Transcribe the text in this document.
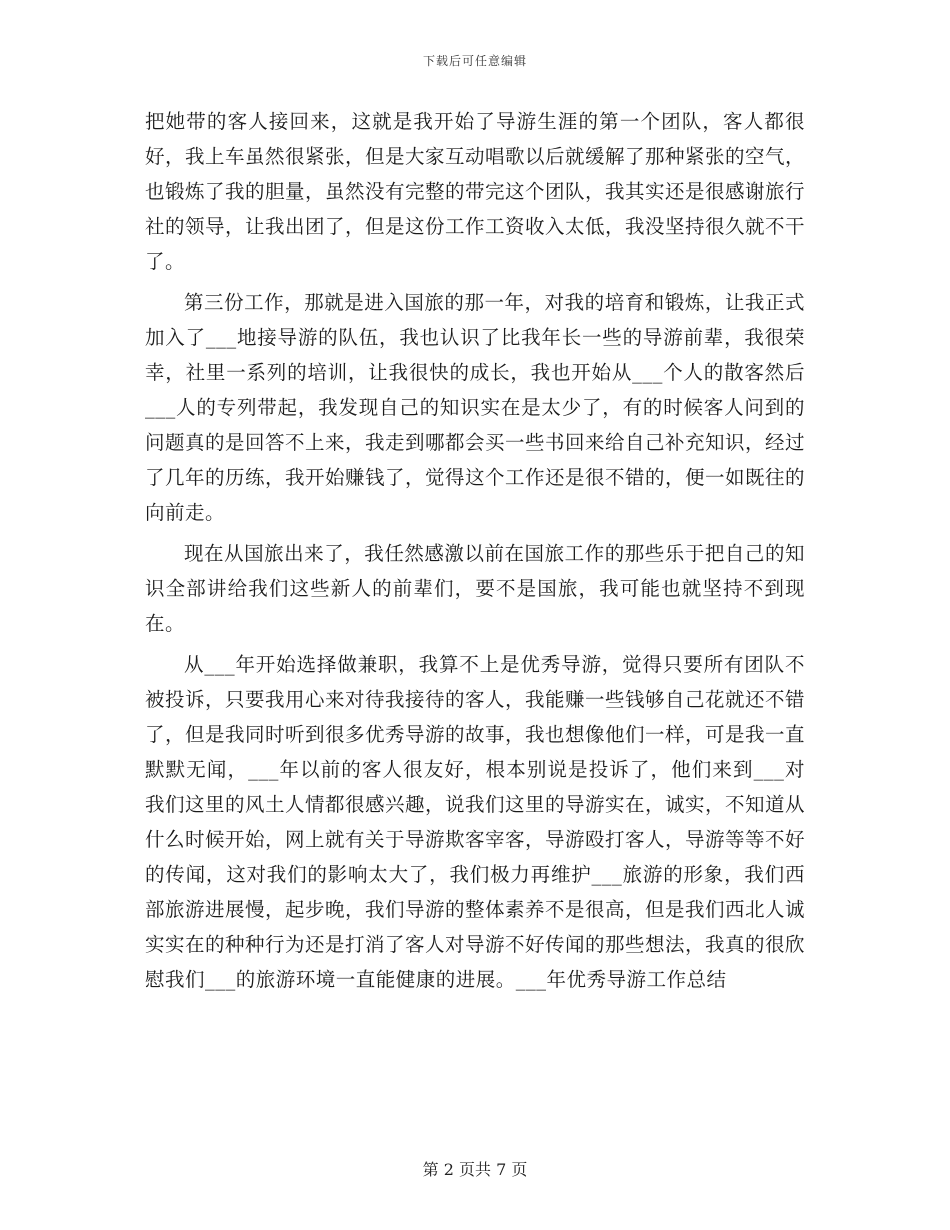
下载后可任意编辑

把她带的客人接回来，这就是我开始了导游生涯的第一个团队，客人都很好，我上车虽然很紧张，但是大家互动唱歌以后就缓解了那种紧张的空气，也锻炼了我的胆量，虽然没有完整的带完这个团队，我其实还是很感谢旅行社的领导，让我出团了，但是这份工作工资收入太低，我没坚持很久就不干了。

第三份工作，那就是进入国旅的那一年，对我的培育和锻炼，让我正式加入了___地接导游的队伍，我也认识了比我年长一些的导游前辈，我很荣幸，社里一系列的培训，让我很快的成长，我也开始从___个人的散客然后___人的专列带起，我发现自己的知识实在是太少了，有的时候客人问到的问题真的是回答不上来，我走到哪都会买一些书回来给自己补充知识，经过了几年的历练，我开始赚钱了，觉得这个工作还是很不错的，便一如既往的向前走。

现在从国旅出来了，我任然感激以前在国旅工作的那些乐于把自己的知识全部讲给我们这些新人的前辈们，要不是国旅，我可能也就坚持不到现在。

从___年开始选择做兼职，我算不上是优秀导游，觉得只要所有团队不被投诉，只要我用心来对待我接待的客人，我能赚一些钱够自己花就还不错了，但是我同时听到很多优秀导游的故事，我也想像他们一样，可是我一直默默无闻，___年以前的客人很友好，根本别说是投诉了，他们来到___对我们这里的风土人情都很感兴趣，说我们这里的导游实在，诚实，不知道从什么时候开始，网上就有关于导游欺客宰客，导游殴打客人，导游等等不好的传闻，这对我们的影响太大了，我们极力再维护___旅游的形象，我们西部旅游进展慢，起步晚，我们导游的整体素养不是很高，但是我们西北人诚实实在的种种行为还是打消了客人对导游不好传闻的那些想法，我真的很欣慰我们___的旅游环境一直能健康的进展。___年优秀导游工作总结

第 2 页共 7 页
